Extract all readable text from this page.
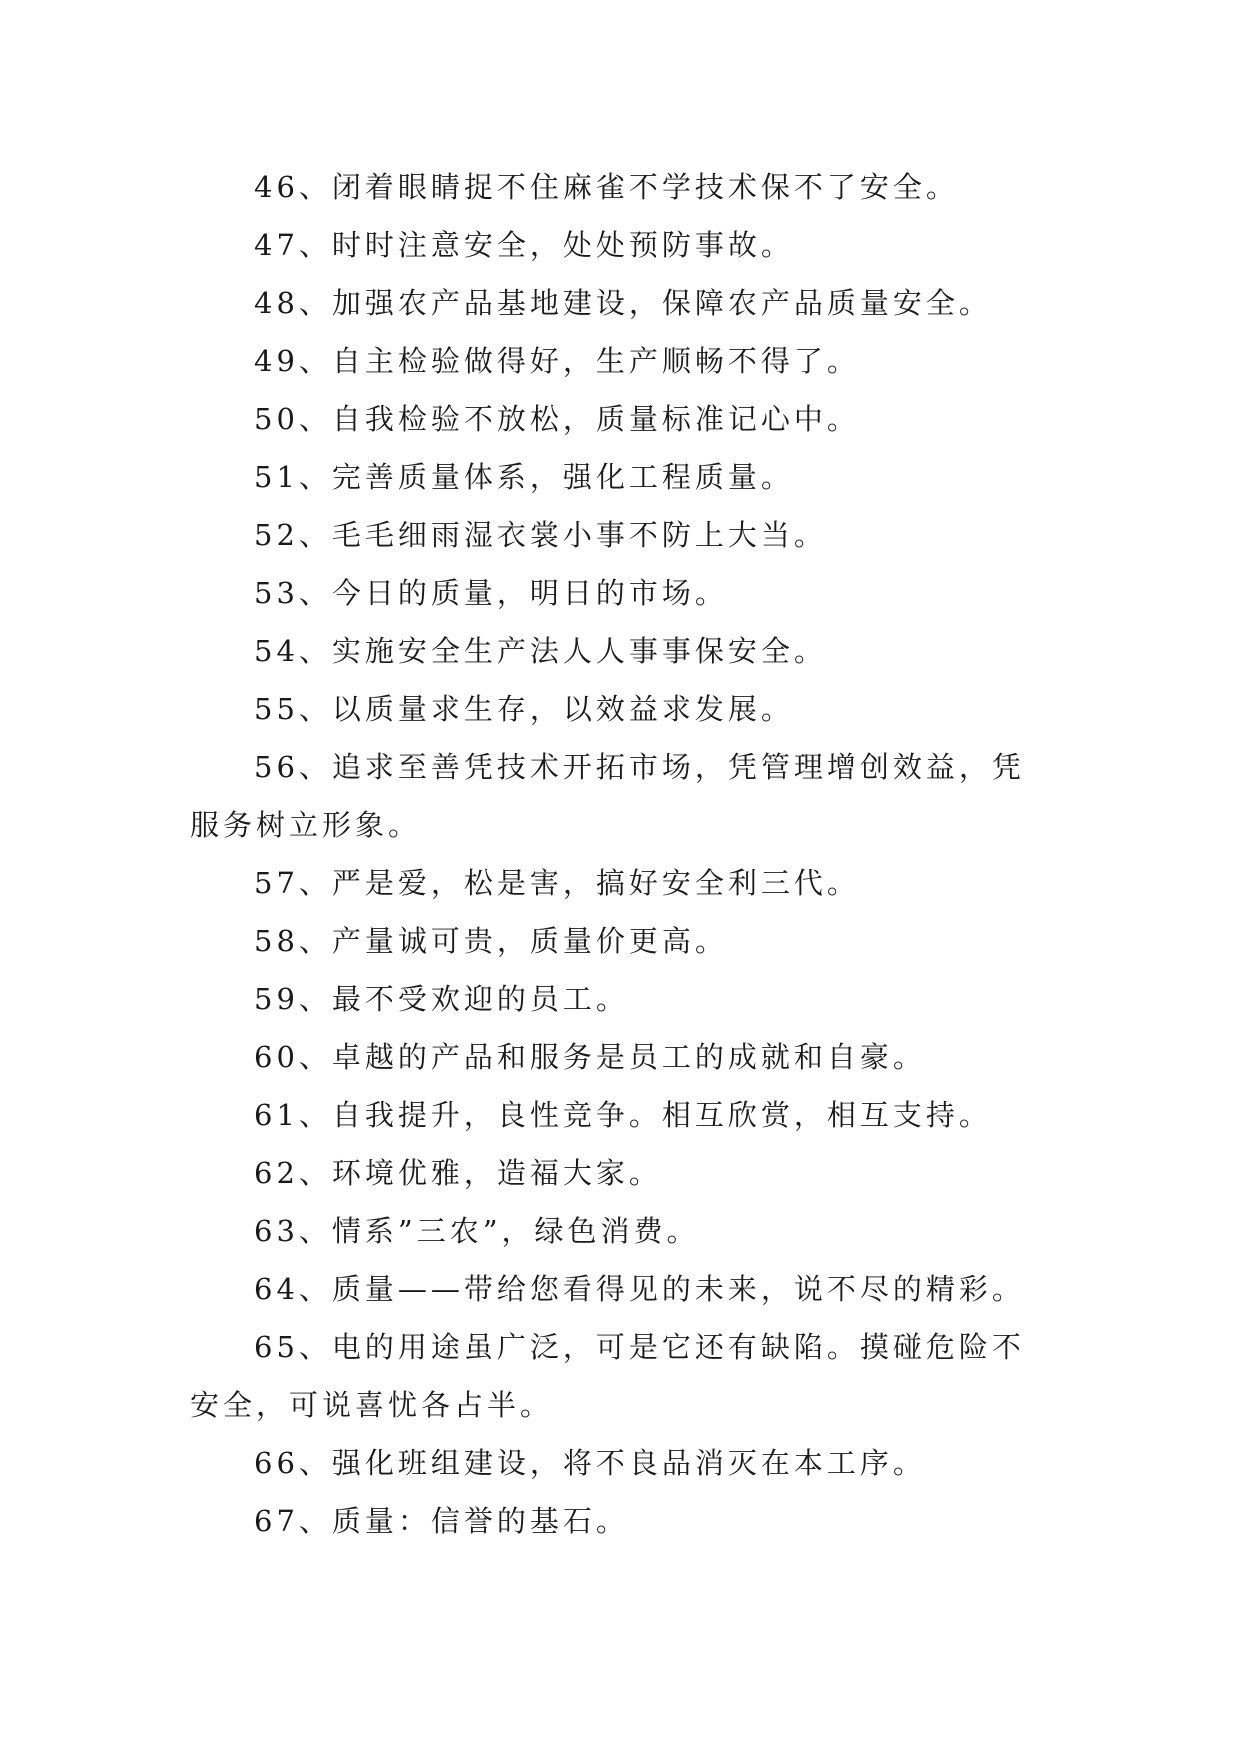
46、闭着眼睛捉不住麻雀不学技术保不了安全。

47、时时注意安全，处处预防事故。

48、加强农产品基地建设，保障农产品质量安全。

49、自主检验做得好，生产顺畅不得了。

50、自我检验不放松，质量标准记心中。

51、完善质量体系，强化工程质量。

52、毛毛细雨湿衣裳小事不防上大当。

53、今日的质量，明日的市场。

54、实施安全生产法人人事事保安全。

55、以质量求生存，以效益求发展。

56、追求至善凭技术开拓市场，凭管理增创效益，凭服务树立形象。

57、严是爱，松是害，搞好安全利三代。

58、产量诚可贵，质量价更高。

59、最不受欢迎的员工。

60、卓越的产品和服务是员工的成就和自豪。

61、自我提升，良性竞争。相互欣赏，相互支持。

62、环境优雅，造福大家。

63、情系”三农”，绿色消费。

64、质量——带给您看得见的未来，说不尽的精彩。

65、电的用途虽广泛，可是它还有缺陷。摸碰危险不安全，可说喜忧各占半。

66、强化班组建设，将不良品消灭在本工序。

67、质量：信誉的基石。
